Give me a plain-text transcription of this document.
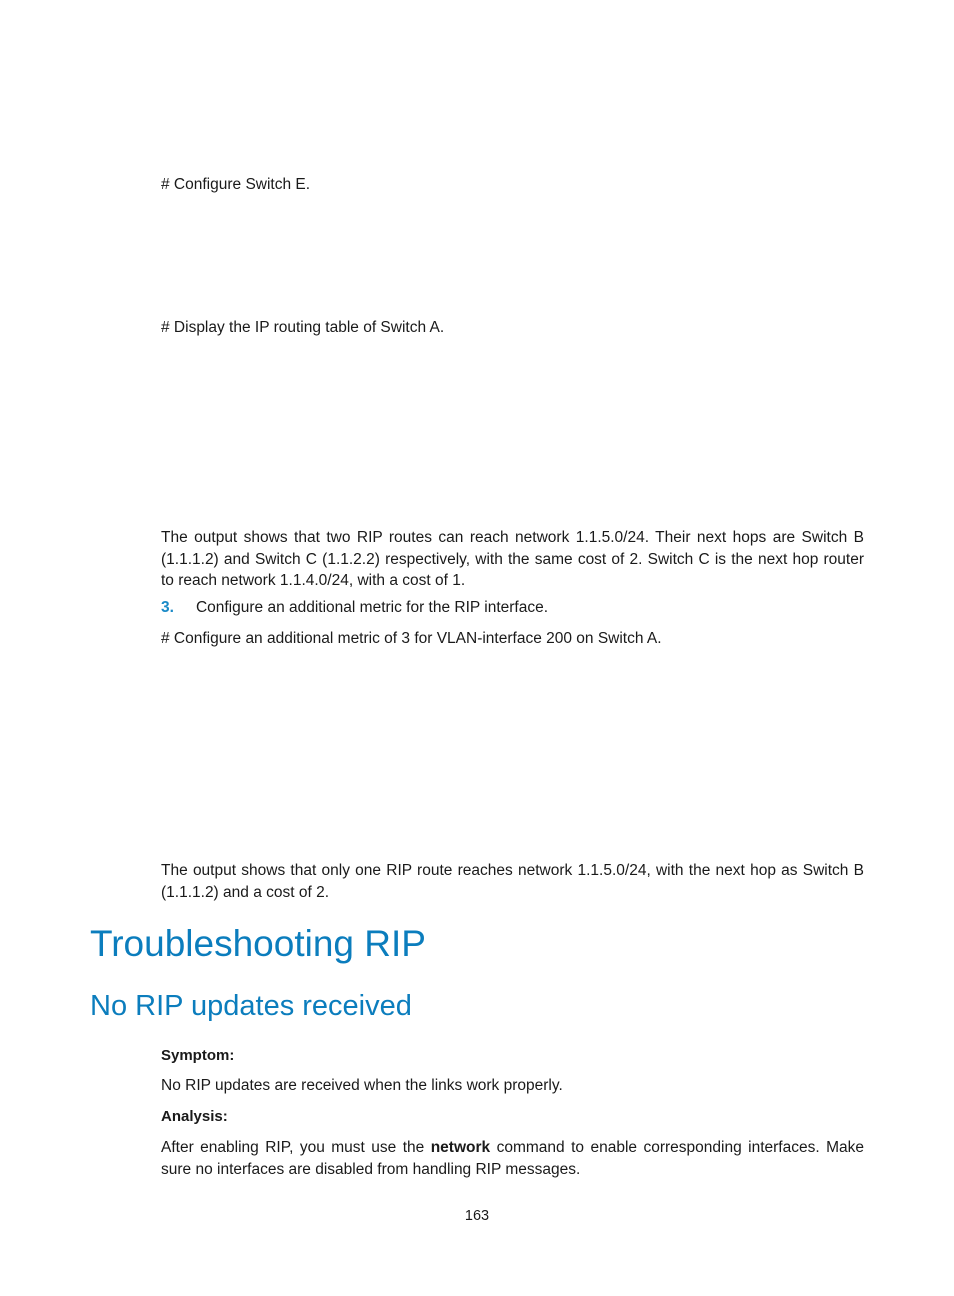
# Configure Switch E.

# Display the IP routing table of Switch A.

The output shows that two RIP routes can reach network 1.1.5.0/24. Their next hops are Switch B (1.1.1.2) and Switch C (1.1.2.2) respectively, with the same cost of 2. Switch C is the next hop router to reach network 1.1.4.0/24, with a cost of 1.

3. Configure an additional metric for the RIP interface.

# Configure an additional metric of 3 for VLAN-interface 200 on Switch A.

The output shows that only one RIP route reaches network 1.1.5.0/24, with the next hop as Switch B (1.1.1.2) and a cost of 2.

Troubleshooting RIP
No RIP updates received

Symptom:

No RIP updates are received when the links work properly.

Analysis:

After enabling RIP, you must use the network command to enable corresponding interfaces. Make sure no interfaces are disabled from handling RIP messages.

163
